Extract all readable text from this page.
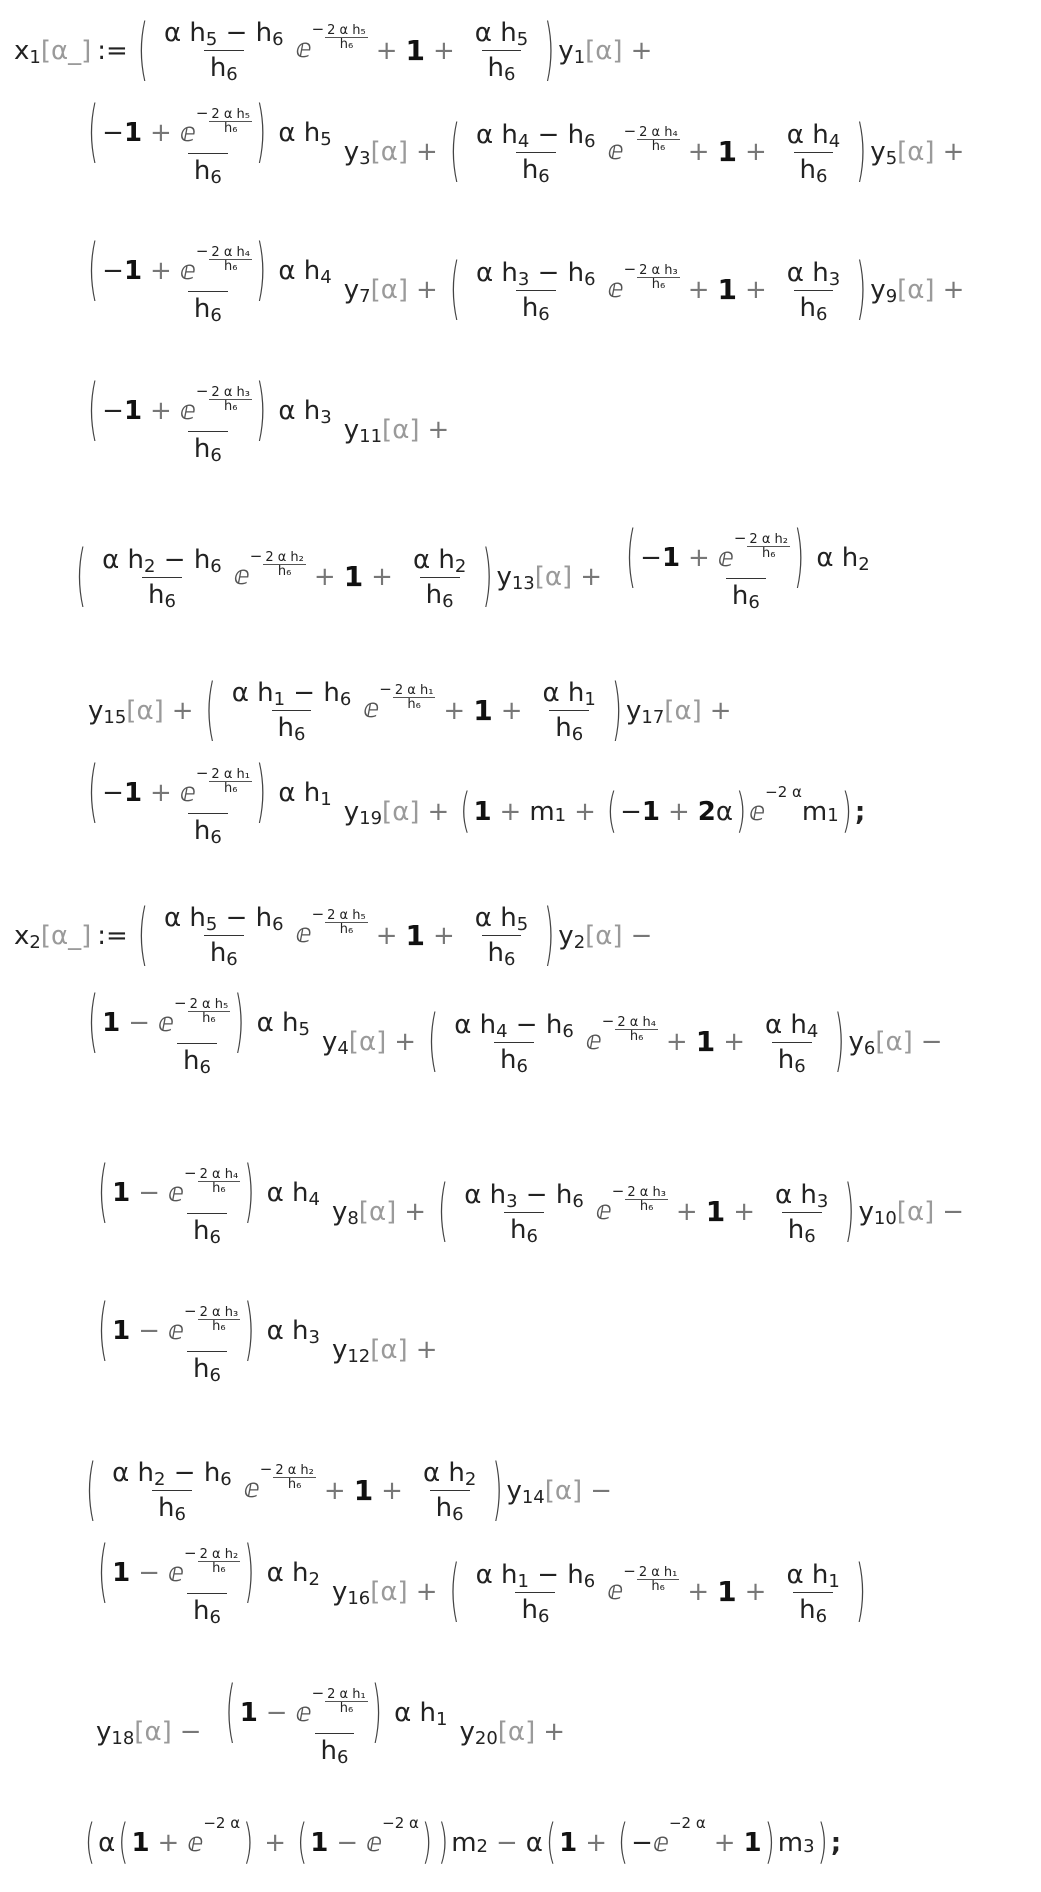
x1 [α_] := ( $\frac{\text{α h5 − h6}}{h6}$ ⅇ
$^{- \frac{\text{2 α h₅}}{\text{h₆}}} + 1 + \frac{\text{α h5}}{h6}$ ) y1 [α] +
( −1 + ⅇ
$^{- \frac{\text{2 α h₅}}{\text{h₆}}}$ ) α h5
h6 y3 [α] + ( $\frac{\text{α h4 − h6}}{h6}$ ⅇ
$^{- \frac{\text{2 α h₄}}{\text{h₆}}} + 1 + \frac{\text{α h4}}{h6}$ ) y5 [α] +
( −1 + ⅇ
$^{- \frac{\text{2 α h₄}}{\text{h₆}}}$ ) α h4
h6 y7 [α] + ( $\frac{\text{α h3 − h6}}{h6}$ ⅇ
$^{- \frac{\text{2 α h₃}}{\text{h₆}}} + 1 + \frac{\text{α h3}}{h6}$ ) y9 [α] +
( −1 + ⅇ
$^{- \frac{\text{2 α h₃}}{\text{h₆}}}$ ) α h3
h6 y11 [α] +
( $\frac{\text{α h2 − h6}}{h6}$ ⅇ
$^{- \frac{\text{2 α h₂}}{\text{h₆}}} + 1 + \frac{\text{α h2}}{h6}$ ) y13 [α] + ( −1 + ⅇ
$^{- \frac{\text{2 α h₂}}{\text{h₆}}}$ ) α h2
h6
y15 [α] + ( $\frac{\text{α h1 − h6}}{h6}$ ⅇ
$^{- \frac{\text{2 α h₁}}{\text{h₆}}} + 1 + \frac{\text{α h1}}{h6}$ ) y17 [α] +
( −1 + ⅇ
$^{- \frac{\text{2 α h₁}}{\text{h₆}}}$ ) α h1
h6 y19 [α] + ( 1 + m 1 + ( − 1 + 2 α ) ⅇ
$^{-2 \alpha}$
m 1 ) ;
x2 [α_] := ( $\frac{\text{α h5 − h6}}{h6}$ ⅇ
$^{- \frac{\text{2 α h₅}}{\text{h₆}}} + 1 + \frac{\text{α h5}}{h6}$ ) y2 [α] −
( 1 − ⅇ
$^{- \frac{\text{2 α h₅}}{\text{h₆}}}$ ) α h5
h6 y4 [α] + ( $\frac{\text{α h4 − h6}}{h6}$ ⅇ
$^{- \frac{\text{2 α h₄}}{\text{h₆}}} + 1 + \frac{\text{α h4}}{h6}$ ) y6 [α] −
( 1 − ⅇ
$^{- \frac{\text{2 α h₄}}{\text{h₆}}}$ ) α h4
h6 y8 [α] + ( $\frac{\text{α h3 − h6}}{h6}$ ⅇ
$^{- \frac{\text{2 α h₃}}{\text{h₆}}} + 1 + \frac{\text{α h3}}{h6}$ ) y10 [α] −
( 1 − ⅇ
$^{- \frac{\text{2 α h₃}}{\text{h₆}}}$ ) α h3
h6 y12 [α] +
( $\frac{\text{α h2 − h6}}{h6}$ ⅇ
$^{- \frac{\text{2 α h₂}}{\text{h₆}}} + 1 + \frac{\text{α h2}}{h6}$ ) y14 [α] −
( 1 − ⅇ
$^{- \frac{\text{2 α h₂}}{\text{h₆}}}$ ) α h2
h6 y16 [α] + ( $\frac{\text{α h1 − h6}}{h6}$ ⅇ
$^{- \frac{\text{2 α h₁}}{\text{h₆}}} + 1 + \frac{\text{α h1}}{h6}$ )
y18 [α] − ( 1 − ⅇ
$^{- \frac{\text{2 α h₁}}{\text{h₆}}}$ ) α h1
h6 y20 [α] +
( α ( 1 + ⅇ
$^{-2 \alpha}$ ) + ( 1 − ⅇ
$^{-2 \alpha}$ ) ) m 2 − α ( 1 + ( − ⅇ
$^{-2 \alpha}$
+ 1 ) m 3 ) ;
